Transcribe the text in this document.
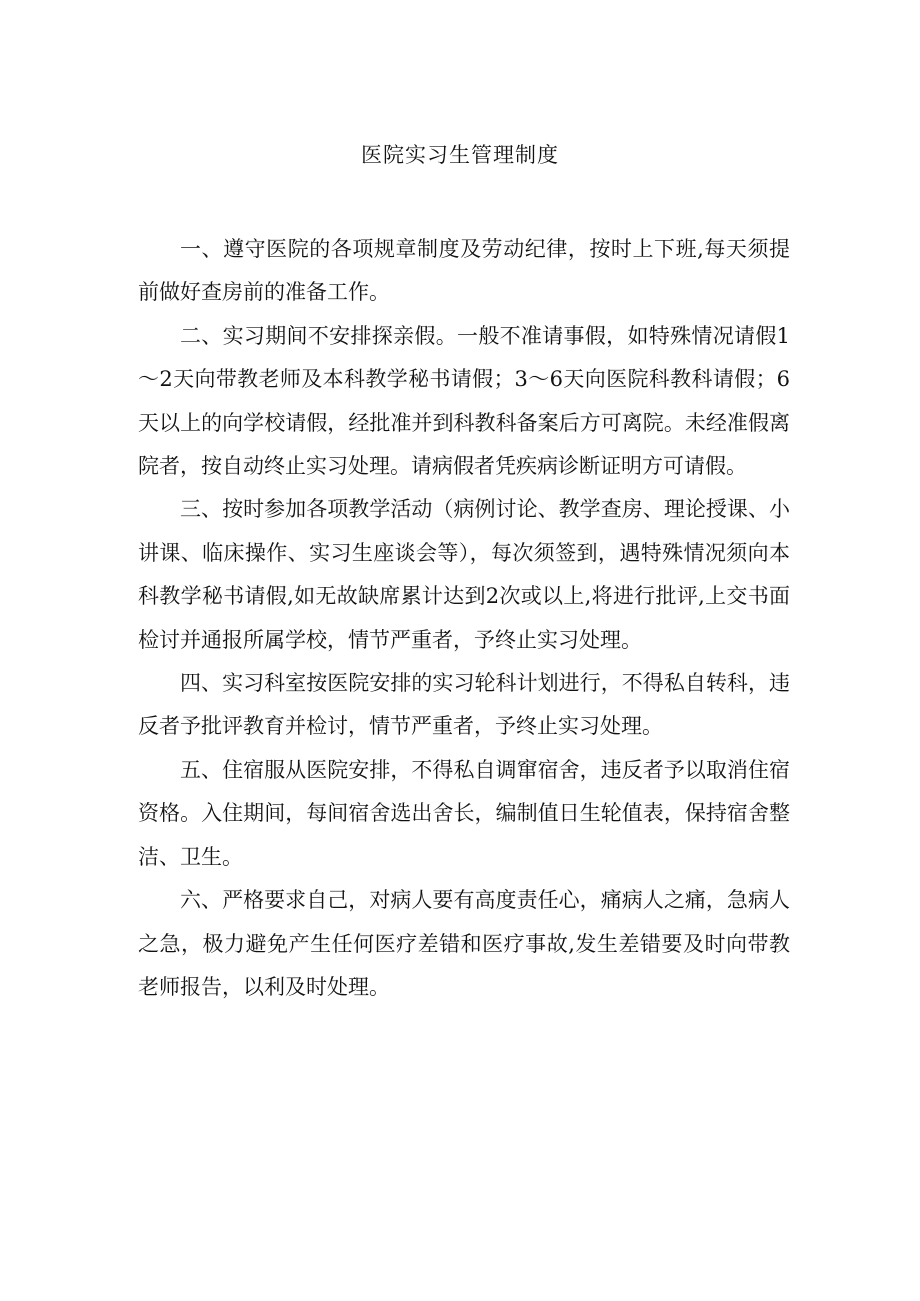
医院实习生管理制度

一、遵守医院的各项规章制度及劳动纪律，按时上下班,每天须提前做好查房前的准备工作。

二、实习期间不安排探亲假。一般不准请事假，如特殊情况请假1～2天向带教老师及本科教学秘书请假；3～6天向医院科教科请假；6天以上的向学校请假，经批准并到科教科备案后方可离院。未经准假离院者，按自动终止实习处理。请病假者凭疾病诊断证明方可请假。

三、按时参加各项教学活动（病例讨论、教学查房、理论授课、小讲课、临床操作、实习生座谈会等），每次须签到，遇特殊情况须向本科教学秘书请假,如无故缺席累计达到2次或以上,将进行批评,上交书面检讨并通报所属学校，情节严重者，予终止实习处理。

四、实习科室按医院安排的实习轮科计划进行，不得私自转科，违反者予批评教育并检讨，情节严重者，予终止实习处理。

五、住宿服从医院安排，不得私自调窜宿舍，违反者予以取消住宿资格。入住期间，每间宿舍选出舍长，编制值日生轮值表，保持宿舍整洁、卫生。

六、严格要求自己，对病人要有高度责任心，痛病人之痛，急病人之急，极力避免产生任何医疗差错和医疗事故,发生差错要及时向带教老师报告，以利及时处理。
